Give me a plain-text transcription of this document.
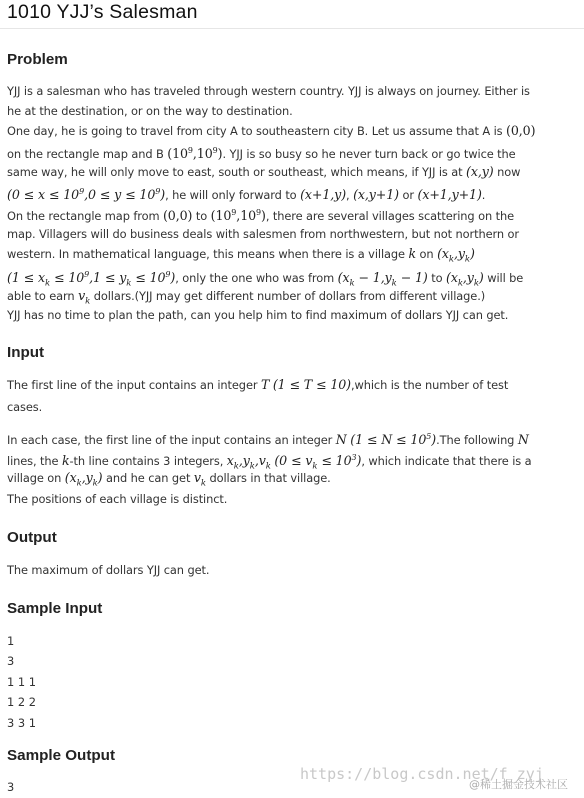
1010 YJJ’s Salesman
Problem
YJJ is a salesman who has traveled through western country. YJJ is always on journey. Either is
he at the destination, or on the way to destination.
One day, he is going to travel from city A to southeastern city B. Let us assume that A is (0,0)
on the rectangle map and B $(10^9,10^9)$. YJJ is so busy so he never turn back or go twice the
same way, he will only move to east, south or southeast, which means, if YJJ is at (x,y) now
$(0 \le x \le 10^9,0 \le y \le 10^9)$, he will only forward to (x+1,y), (x,y+1) or (x+1,y+1).
On the rectangle map from (0,0) to $(10^9,10^9)$, there are several villages scattering on the
map. Villagers will do business deals with salesmen from northwestern, but not northern or
western. In mathematical language, this means when there is a village k on $(x_k,y_k)$
$(1 \le x_k \le 10^9,1 \le y_k \le 10^9)$, only the one who was from $(x_k - 1,y_k - 1)$ to $(x_k,y_k)$ will be
able to earn $v_k$ dollars.(YJJ may get different number of dollars from different village.)
YJJ has no time to plan the path, can you help him to find maximum of dollars YJJ can get.
Input
The first line of the input contains an integer T (1 ≤ T ≤ 10),which is the number of test
cases.
In each case, the first line of the input contains an integer N $(1 \le N \le 10^5).The$ following N
lines, the k-th line contains 3 integers, $x_k,y_k,v_k$ $(0 \le v_k \le 10^3)$, which indicate that there is a
village on $(x_k,y_k)$ and he can get $v_k$ dollars in that village.
The positions of each village is distinct.
Output
The maximum of dollars YJJ can get.
Sample Input
1
3
1 1 1
1 2 2
3 3 1
Sample Output
3
https://blog.csdn.net/f_zyj
@稀土掘金技术社区
